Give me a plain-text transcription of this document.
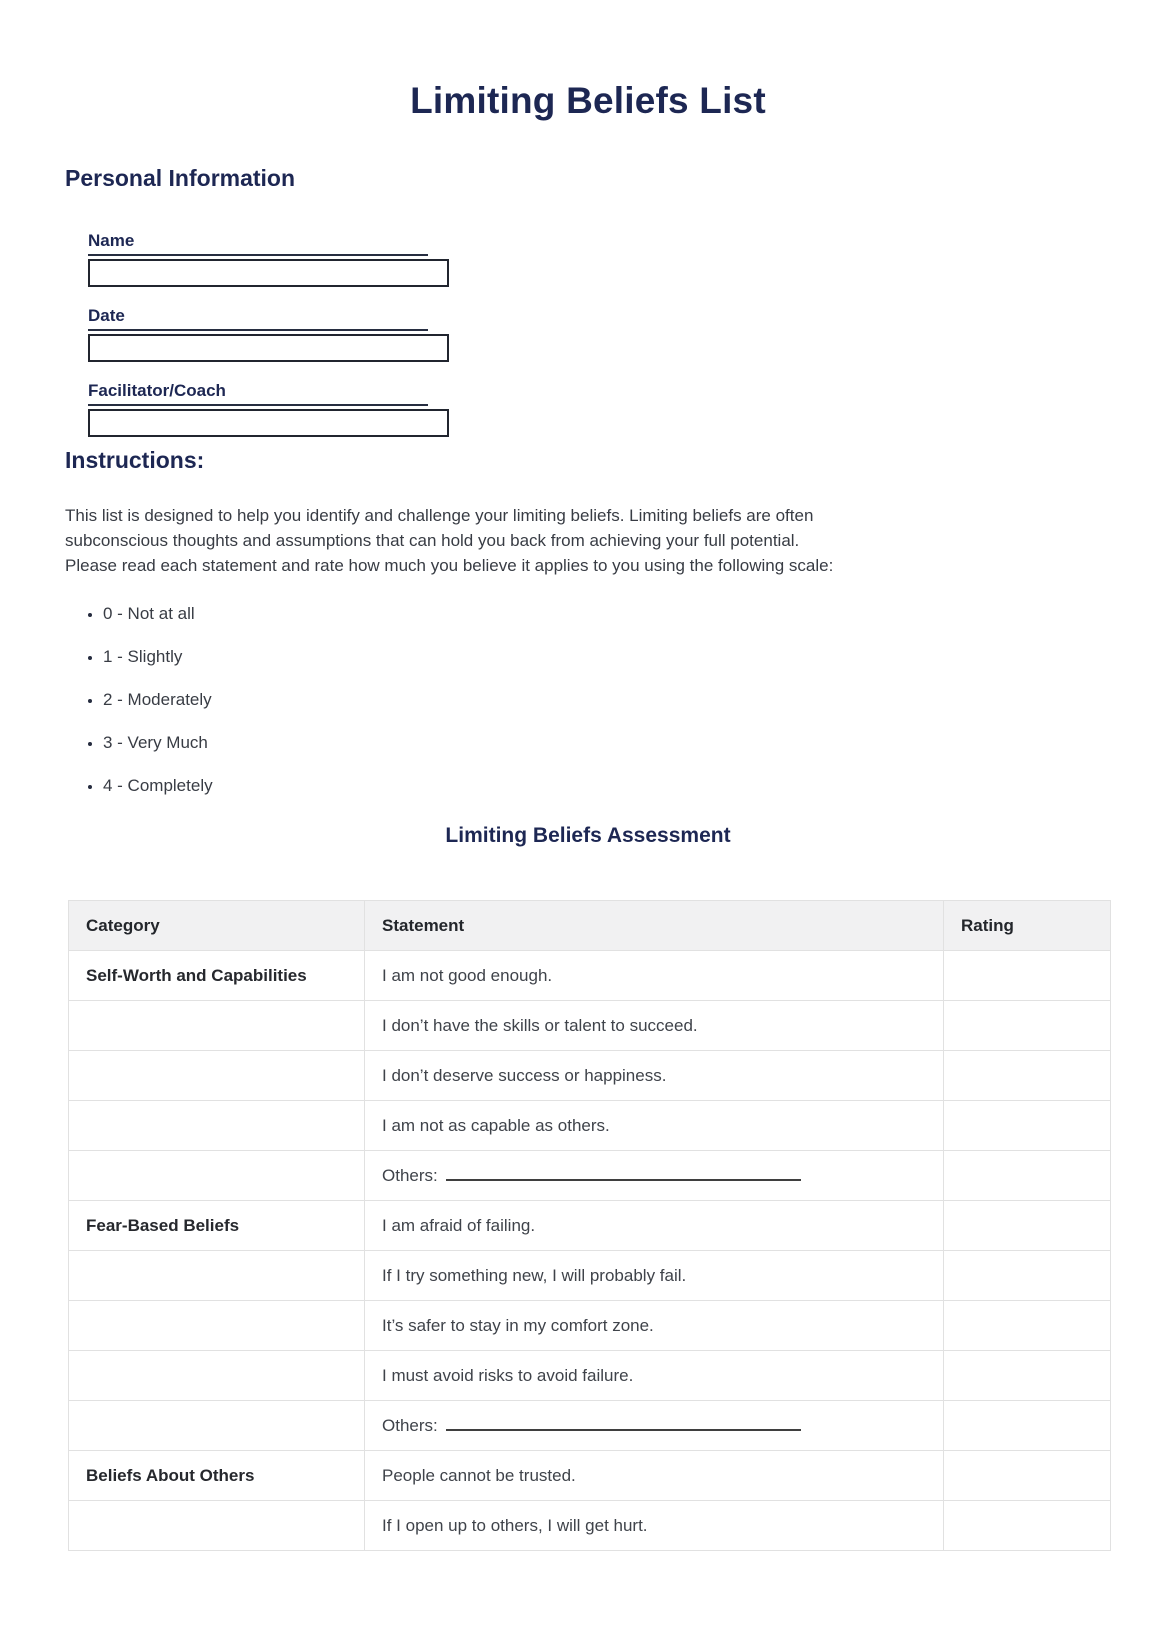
Limiting Beliefs List
Personal Information
Name
Date
Facilitator/Coach
Instructions:

This list is designed to help you identify and challenge your limiting beliefs. Limiting beliefs are often
subconscious thoughts and assumptions that can hold you back from achieving your full potential.
Please read each statement and rate how much you believe it applies to you using the following scale:

• 0 - Not at all
• 1 - Slightly
• 2 - Moderately
• 3 - Very Much
• 4 - Completely
Limiting Beliefs Assessment
Category	Statement	Rating
Self-Worth and Capabilities	I am not good enough.	
	I don’t have the skills or talent to succeed.	
	I don’t deserve success or happiness.	
	I am not as capable as others.	
	Others:	
Fear-Based Beliefs	I am afraid of failing.	
	If I try something new, I will probably fail.	
	It’s safer to stay in my comfort zone.	
	I must avoid risks to avoid failure.	
	Others:	
Beliefs About Others	People cannot be trusted.	
	If I open up to others, I will get hurt.	
